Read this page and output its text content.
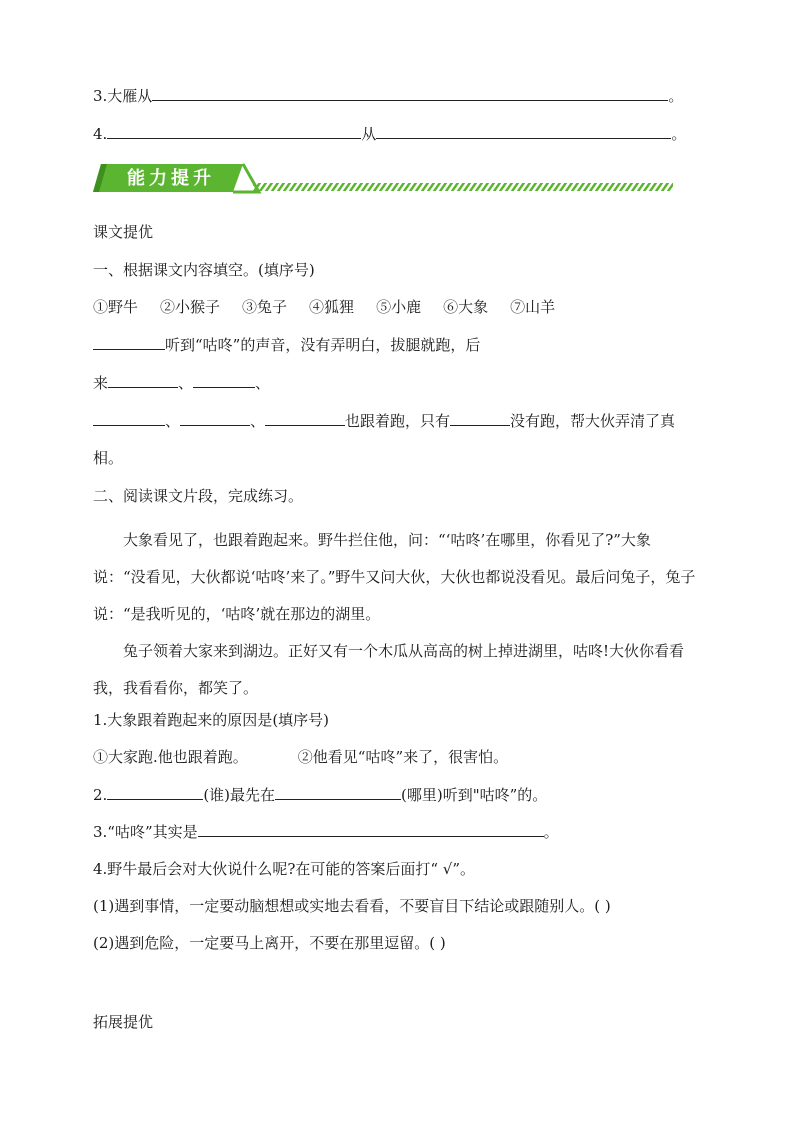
3.大雁从	。
4.	从	。
能力提升
课文提优
一、根据课文内容填空。(填序号)
①野牛 ②小猴子 ③兔子 ④狐狸 ⑤小鹿 ⑥大象 ⑦山羊
听到“咕咚”的声音，没有弄明白，拔腿就跑，后
来	、	、
、	、	也跟着跑，只有	没有跑，帮大伙弄清了真
相。
二、阅读课文片段，完成练习。
大象看见了，也跟着跑起来。野牛拦住他，问：“‘咕咚’在哪里，你看见了?”大象说：“没看见，大伙都说‘咕咚’来了。”野牛又问大伙，大伙也都说没看见。最后问兔子，兔子说：“是我听见的，‘咕咚’就在那边的湖里。
兔子领着大家来到湖边。正好又有一个木瓜从高高的树上掉进湖里，咕咚!大伙你看看我，我看看你，都笑了。
1.大象跟着跑起来的原因是(填序号)
①大家跑.他也跟着跑。	②他看见“咕咚”来了，很害怕。
2.	(谁)最先在	(哪里)听到"咕咚”的。
3.“咕咚”其实是	。
4.野牛最后会对大伙说什么呢?在可能的答案后面打“ √”。
(1)遇到事情，一定要动脑想想或实地去看看，不要盲目下结论或跟随别人。( )
(2)遇到危险，一定要马上离开，不要在那里逗留。( )
拓展提优
